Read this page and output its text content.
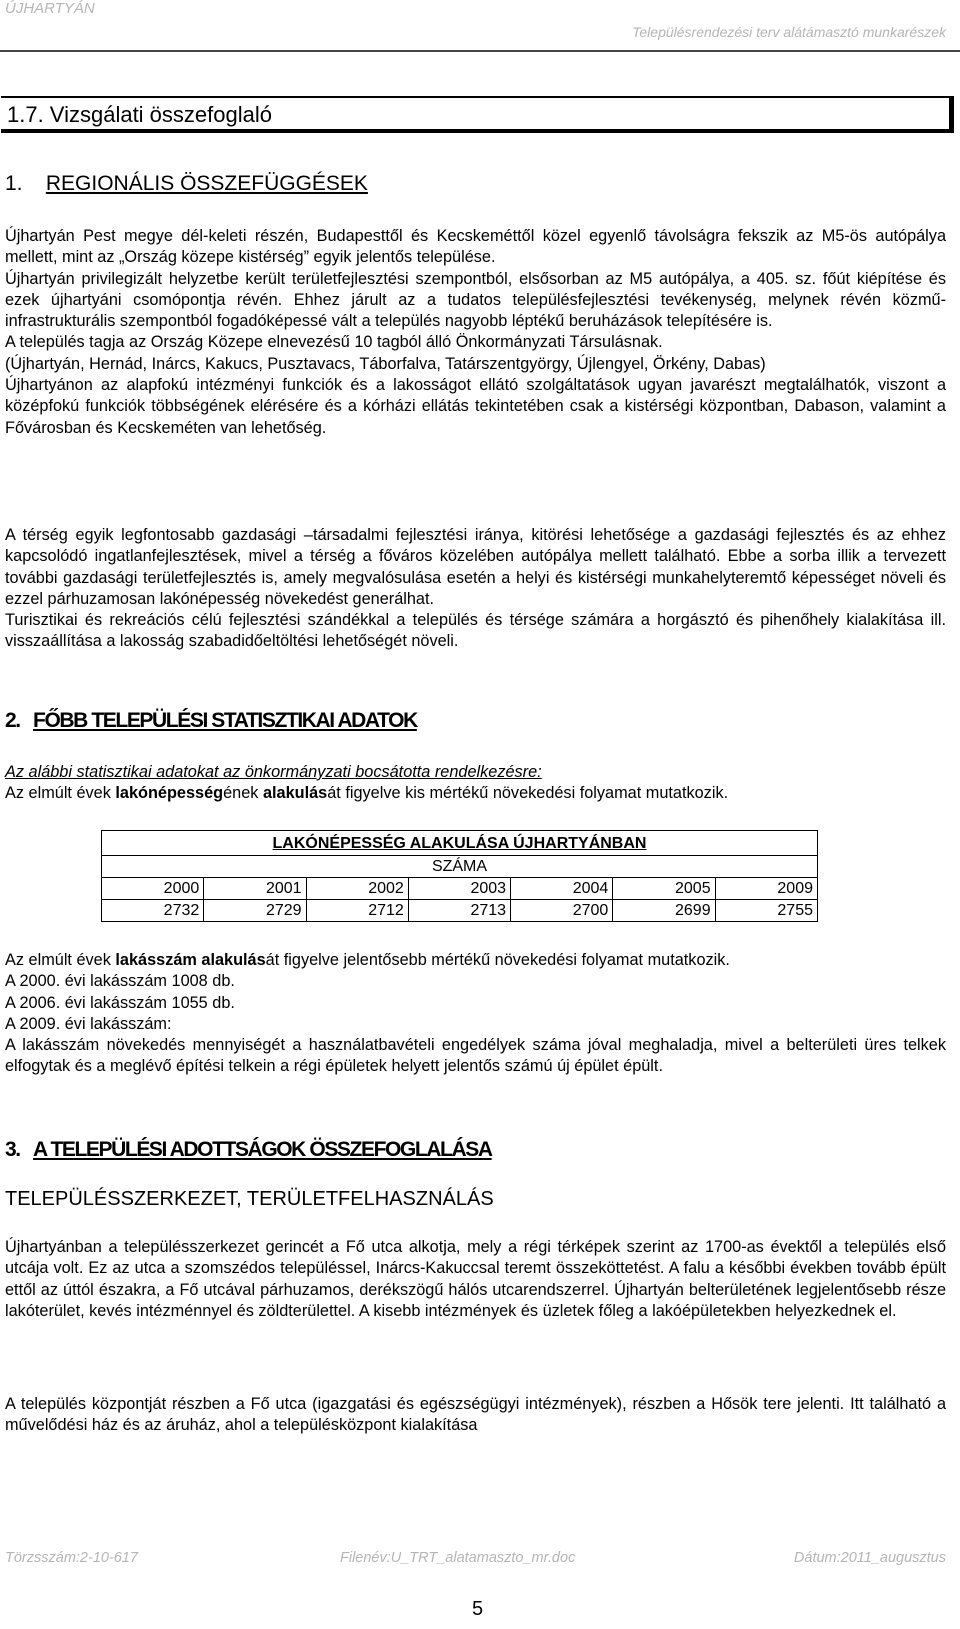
ÚJHARTYÁN
Településrendezési terv alátámasztó munkarészek
1.7. Vizsgálati összefoglaló
1. REGIONÁLIS ÖSSZEFÜGGÉSEK

Újhartyán Pest megye dél-keleti részén, Budapesttől és Kecskeméttől közel egyenlő távolságra fekszik az M5-ös autópálya mellett, mint az „Ország közepe kistérség” egyik jelentős települése.

Újhartyán privilegizált helyzetbe került területfejlesztési szempontból, elsősorban az M5 autópálya, a 405. sz. főút kiépítése és ezek újhartyáni csomópontja révén. Ehhez járult az a tudatos településfejlesztési tevékenység, melynek révén közmű-infrastrukturális szempontból fogadóképessé vált a település nagyobb léptékű beruházások telepítésére is.

A település tagja az Ország Közepe elnevezésű 10 tagból álló Önkormányzati Társulásnak.

(Újhartyán, Hernád, Inárcs, Kakucs, Pusztavacs, Táborfalva, Tatárszentgyörgy, Újlengyel, Örkény, Dabas)

Újhartyánon az alapfokú intézményi funkciók és a lakosságot ellátó szolgáltatások ugyan javarészt megtalálhatók, viszont a középfokú funkciók többségének elérésére és a kórházi ellátás tekintetében csak a kistérségi központban, Dabason, valamint a Fővárosban és Kecskeméten van lehetőség.

A térség egyik legfontosabb gazdasági –társadalmi fejlesztési iránya, kitörési lehetősége a gazdasági fejlesztés és az ehhez kapcsolódó ingatlanfejlesztések, mivel a térség a főváros közelében autópálya mellett található. Ebbe a sorba illik a tervezett további gazdasági területfejlesztés is, amely megvalósulása esetén a helyi és kistérségi munkahelyteremtő képességet növeli és ezzel párhuzamosan lakónépesség növekedést generálhat.

Turisztikai és rekreációs célú fejlesztési szándékkal a település és térsége számára a horgásztó és pihenőhely kialakítása ill. visszaállítása a lakosság szabadidőeltöltési lehetőségét növeli.

2. FŐBB TELEPÜLÉSI STATISZTIKAI ADATOK

Az alábbi statisztikai adatokat az önkormányzati bocsátotta rendelkezésre:

Az elmúlt évek lakónépességének alakulását figyelve kis mértékű növekedési folyamat mutatkozik.

LAKÓNÉPESSÉG ALAKULÁSA ÚJHARTYÁNBAN						
SZÁMA						
2000	2001	2002	2003	2004	2005	2009
2732	2729	2712	2713	2700	2699	2755

Az elmúlt évek lakásszám alakulását figyelve jelentősebb mértékű növekedési folyamat mutatkozik.

A 2000. évi lakásszám 1008 db.

A 2006. évi lakásszám 1055 db.

A 2009. évi lakásszám:

A lakásszám növekedés mennyiségét a használatbavételi engedélyek száma jóval meghaladja, mivel a belterületi üres telkek elfogytak és a meglévő építési telkein a régi épületek helyett jelentős számú új épület épült.

3. A TELEPÜLÉSI ADOTTSÁGOK ÖSSZEFOGLALÁSA
TELEPÜLÉSSZERKEZET, TERÜLETFELHASZNÁLÁS

Újhartyánban a településszerkezet gerincét a Fő utca alkotja, mely a régi térképek szerint az 1700-as évektől a település első utcája volt. Ez az utca a szomszédos településsel, Inárcs-Kakuccsal teremt összeköttetést. A falu a későbbi években tovább épült ettől az úttól északra, a Fő utcával párhuzamos, derékszögű hálós utcarendszerrel. Újhartyán belterületének legjelentősebb része lakóterület, kevés intézménnyel és zöldterülettel. A kisebb intézmények és üzletek főleg a lakóépületekben helyezkednek el.

A település központját részben a Fő utca (igazgatási és egészségügyi intézmények), részben a Hősök tere jelenti. Itt található a művelődési ház és az áruház, ahol a településközpont kialakítása

Törzsszám:2-10-617	Filenév:U_TRT_alatamaszto_mr.doc	Dátum:2011_augusztus
5
